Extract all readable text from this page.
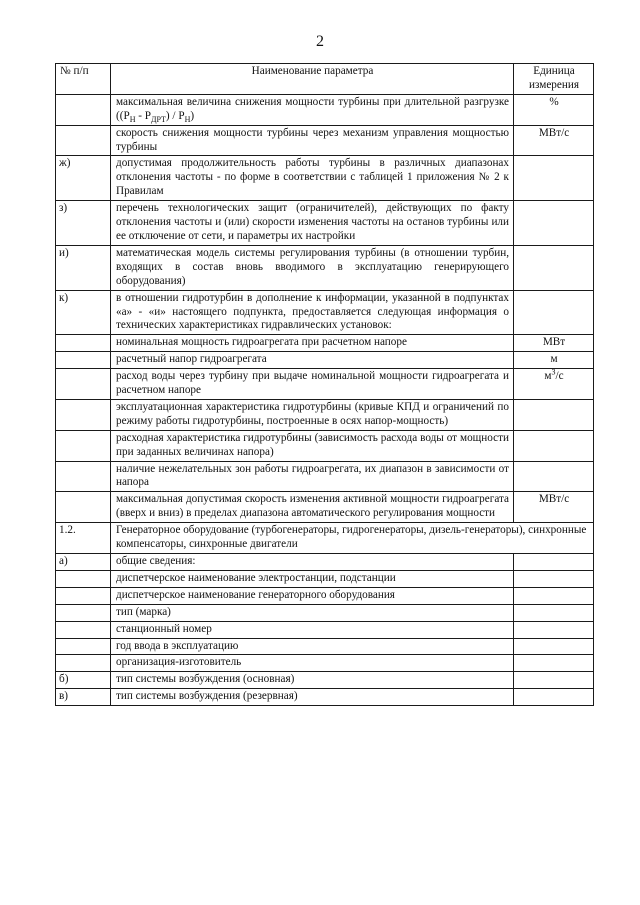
2
№ п/п	Наименование параметра	Единица измерения
	максимальная величина снижения мощности турбины при длительной разгрузке $((P_Н - P_{ДРТ}) / P_Н)$	%
	скорость снижения мощности турбины через механизм управления мощностью турбины	МВт/с
ж)	допустимая продолжительность работы турбины в различных диапазонах отклонения частоты - по форме в соответствии с таблицей 1 приложения № 2 к Правилам	
з)	перечень технологических защит (ограничителей), действующих по факту отклонения частоты и (или) скорости изменения частоты на останов турбины или ее отключение от сети, и параметры их настройки	
и)	математическая модель системы регулирования турбины (в отношении турбин, входящих в состав вновь вводимого в эксплуатацию генерирующего оборудования)	
к)	в отношении гидротурбин в дополнение к информации, указанной в подпунктах «а» - «и» настоящего подпункта, предоставляется следующая информация о технических характеристиках гидравлических установок:	
	номинальная мощность гидроагрегата при расчетном напоре	МВт
	расчетный напор гидроагрегата	м
	расход воды через турбину при выдаче номинальной мощности гидроагрегата и расчетном напоре	$м^3/с$
	эксплуатационная характеристика гидротурбины (кривые КПД и ограничений по режиму работы гидротурбины, построенные в осях напор-мощность)	
	расходная характеристика гидротурбины (зависимость расхода воды от мощности при заданных величинах напора)	
	наличие нежелательных зон работы гидроагрегата, их диапазон в зависимости от напора	
	максимальная допустимая скорость изменения активной мощности гидроагрегата (вверх и вниз) в пределах диапазона автоматического регулирования мощности	МВт/с
1.2.	Генераторное оборудование (турбогенераторы, гидрогенераторы, дизель-генераторы), синхронные компенсаторы, синхронные двигатели	
а)	общие сведения:	
	диспетчерское наименование электростанции, подстанции	
	диспетчерское наименование генераторного оборудования	
	тип (марка)	
	станционный номер	
	год ввода в эксплуатацию	
	организация-изготовитель	
б)	тип системы возбуждения (основная)	
в)	тип системы возбуждения (резервная)	
